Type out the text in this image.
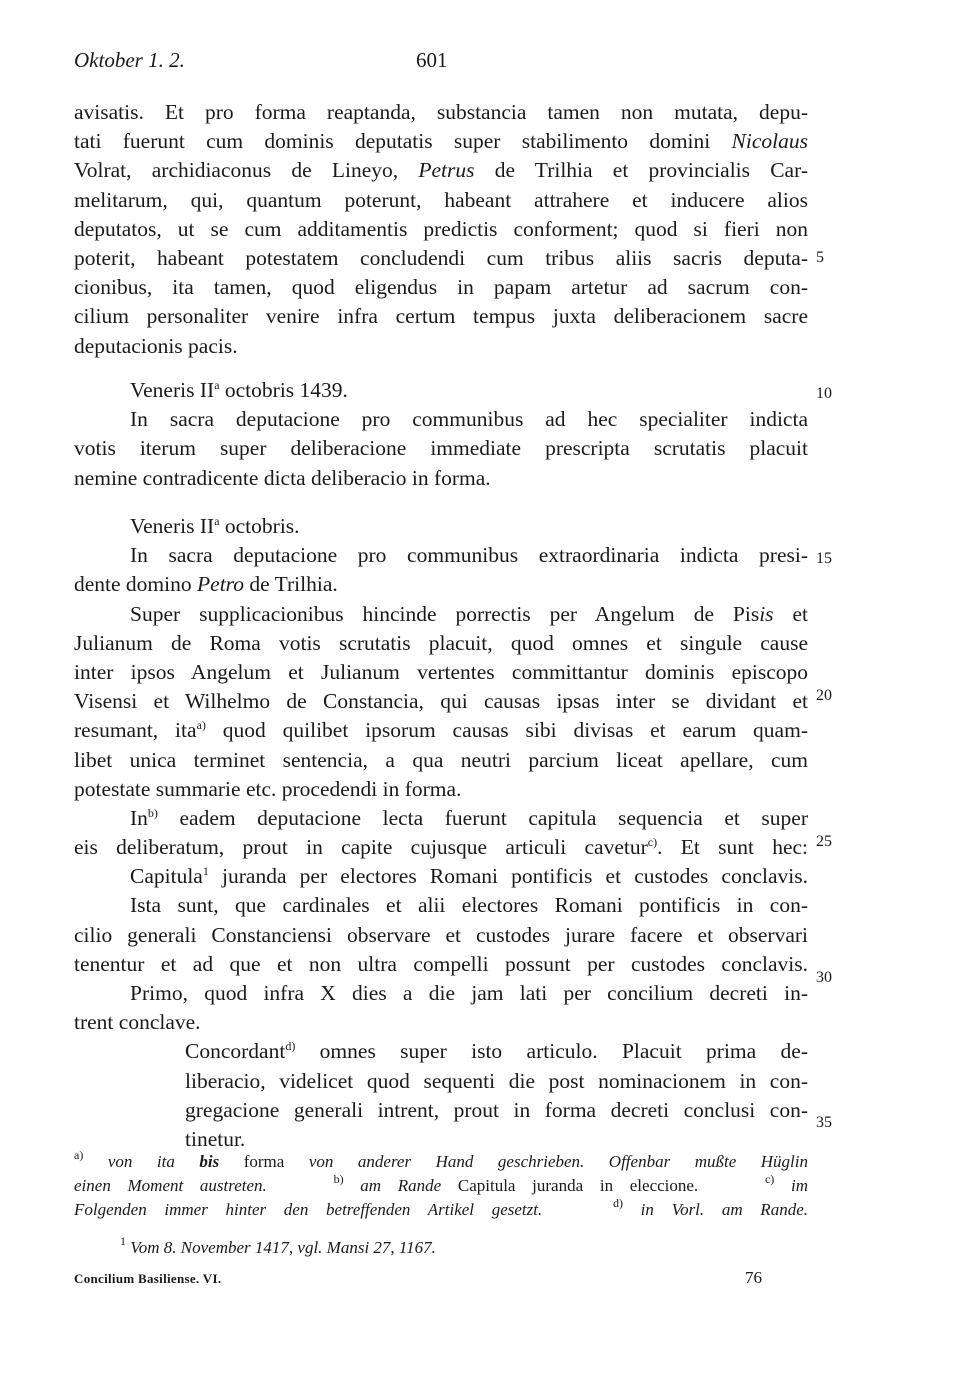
Oktober 1. 2.	601
avisatis. Et pro forma reaptanda, substancia tamen non mutata, depu-
tati fuerunt cum dominis deputatis super stabilimento domini Nicolaus
Volrat, archidiaconus de Lineyo, Petrus de Trilhia et provincialis Car-
melitarum, qui, quantum poterunt, habeant attrahere et inducere alios
deputatos, ut se cum additamentis predictis conforment; quod si fieri non
poterit, habeant potestatem concludendi cum tribus aliis sacris deputa-
cionibus, ita tamen, quod eligendus in papam artetur ad sacrum con-
cilium personaliter venire infra certum tempus juxta deliberacionem sacre
deputacionis pacis.
Veneris $II^a$ octobris 1439.
In sacra deputacione pro communibus ad hec specialiter indicta
votis iterum super deliberacione immediate prescripta scrutatis placuit
nemine contradicente dicta deliberacio in forma.
Veneris $II^a$ octobris.
In sacra deputacione pro communibus extraordinaria indicta presi-
dente domino Petro de Trilhia.
Super supplicacionibus hincinde porrectis per Angelum de Pisis et
Julianum de Roma votis scrutatis placuit, quod omnes et singule cause
inter ipsos Angelum et Julianum vertentes committantur dominis episcopo
Visensi et Wilhelmo de Constancia, qui causas ipsas inter se dividant et
resumant, ita$^{a)}$ quod quilibet ipsorum causas sibi divisas et earum quam-
libet unica terminet sentencia, a qua neutri parcium liceat apellare, cum
potestate summarie etc. procedendi in forma.
In$^{b)}$ eadem deputacione lecta fuerunt capitula sequencia et super
eis deliberatum, prout in capite cujusque articuli cavetur$^{c)}$. Et sunt hec:
Capitula$^1$ juranda per electores Romani pontificis et custodes conclavis.
Ista sunt, que cardinales et alii electores Romani pontificis in con-
cilio generali Constanciensi observare et custodes jurare facere et observari
tenentur et ad que et non ultra compelli possunt per custodes conclavis.
Primo, quod infra X dies a die jam lati per concilium decreti in-
trent conclave.
Concordant$^{d)}$ omnes super isto articulo. Placuit prima de-
liberacio, videlicet quod sequenti die post nominacionem in con-
gregacione generali intrent, prout in forma decreti conclusi con-
tinetur.
5
10
15
20
25
30
35
$^{a)}$ von ita bis forma von anderer Hand geschrieben. Offenbar mußte Hüglin
einen Moment austreten.	$^{b)}$ am Rande Capitula juranda in eleccione.	$^{c)}$ im
Folgenden immer hinter den betreffenden Artikel gesetzt.	$^{d)}$ in Vorl. am Rande.
$^1$ Vom 8. November 1417, vgl. Mansi 27, 1167.
Concilium Basiliense. VI.	76
